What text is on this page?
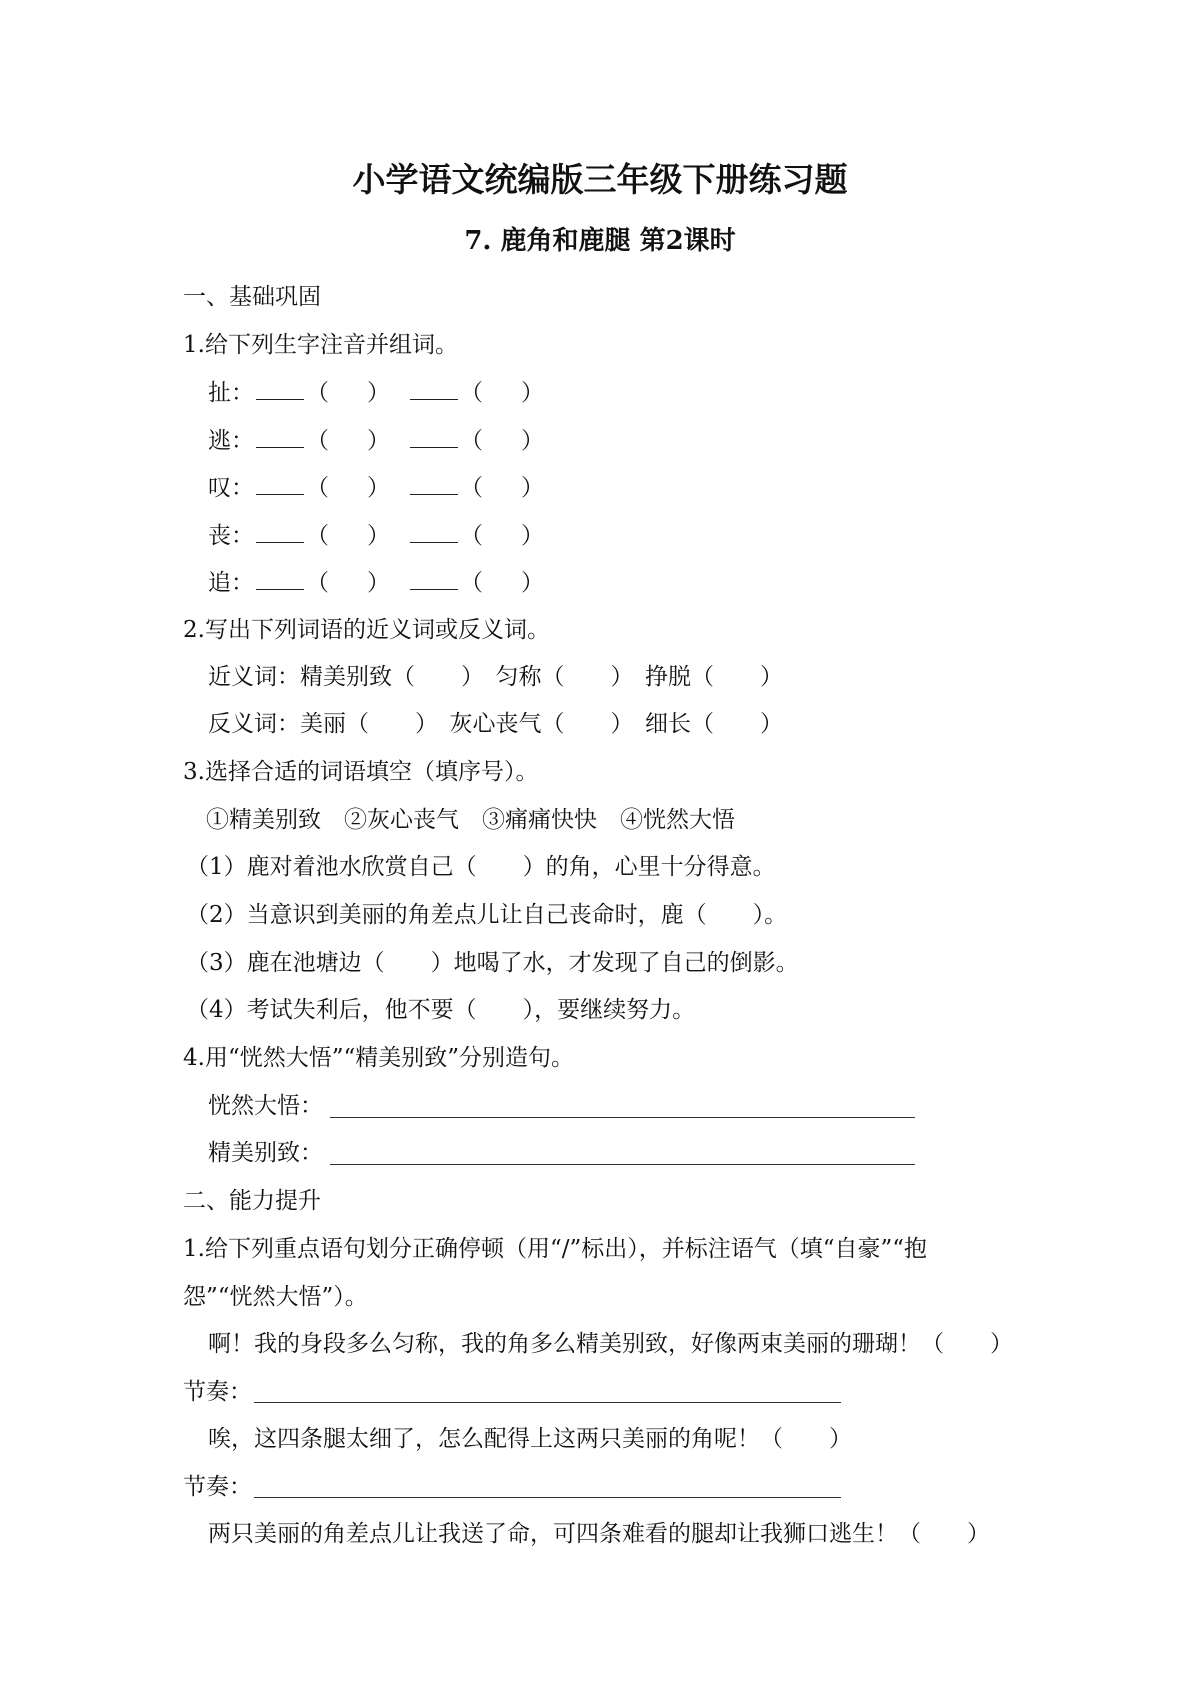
小学语文统编版三年级下册练习题
7. 鹿角和鹿腿 第2课时
一、基础巩固
1.给下列生字注音并组词。
扯： （ ）	（ ）
逃： （ ）	（ ）
叹： （ ）	（ ）
丧： （ ）	（ ）
追： （ ）	（ ）
2.写出下列词语的近义词或反义词。
近义词：精美别致（　　）　匀称（　　）　挣脱（　　）
反义词：美丽（　　）　灰心丧气（　　）　细长（　　）
3.选择合适的词语填空（填序号）。
①精美别致　②灰心丧气　③痛痛快快　④恍然大悟
（1）鹿对着池水欣赏自己（　　）的角，心里十分得意。
（2）当意识到美丽的角差点儿让自己丧命时，鹿（　　）。
（3）鹿在池塘边（　　）地喝了水，才发现了自己的倒影。
（4）考试失利后，他不要（　　），要继续努力。
4.用“恍然大悟”“精美别致”分别造句。
恍然大悟：
精美别致：
二、能力提升
1.给下列重点语句划分正确停顿（用“/”标出），并标注语气（填“自豪”“抱
怨”“恍然大悟”）。
啊！我的身段多么匀称，我的角多么精美别致，好像两束美丽的珊瑚！（　　）
节奏：
唉，这四条腿太细了，怎么配得上这两只美丽的角呢！（　　）
节奏：
两只美丽的角差点儿让我送了命，可四条难看的腿却让我狮口逃生！（　　）
